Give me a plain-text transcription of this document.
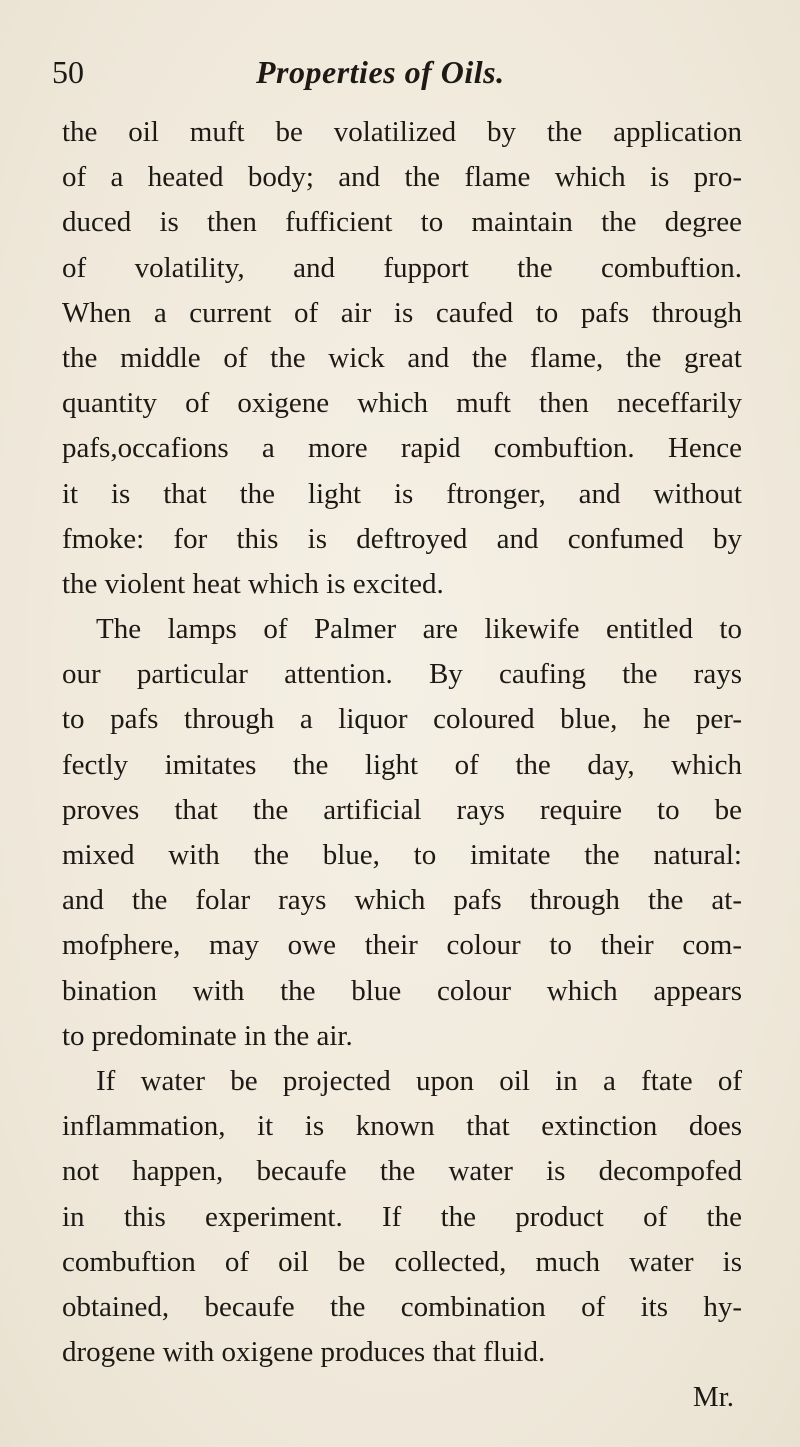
50	Properties of Oils.
the oil muft be volatilized by the application
of a heated body; and the flame which is pro-
duced is then fufficient to maintain the degree
of volatility, and fupport the combuftion.
When a current of air is caufed to pafs through
the middle of the wick and the flame, the great
quantity of oxigene which muft then neceffarily
pafs,occafions a more rapid combuftion. Hence
it is that the light is ftronger, and without
fmoke: for this is deftroyed and confumed by
the violent heat which is excited.
The lamps of Palmer are likewife entitled to
our particular attention. By caufing the rays
to pafs through a liquor coloured blue, he per-
fectly imitates the light of the day, which
proves that the artificial rays require to be
mixed with the blue, to imitate the natural:
and the folar rays which pafs through the at-
mofphere, may owe their colour to their com-
bination with the blue colour which appears
to predominate in the air.
If water be projected upon oil in a ftate of
inflammation, it is known that extinction does
not happen, becaufe the water is decompofed
in this experiment. If the product of the
combuftion of oil be collected, much water is
obtained, becaufe the combination of its hy-
drogene with oxigene produces that fluid.
Mr.
